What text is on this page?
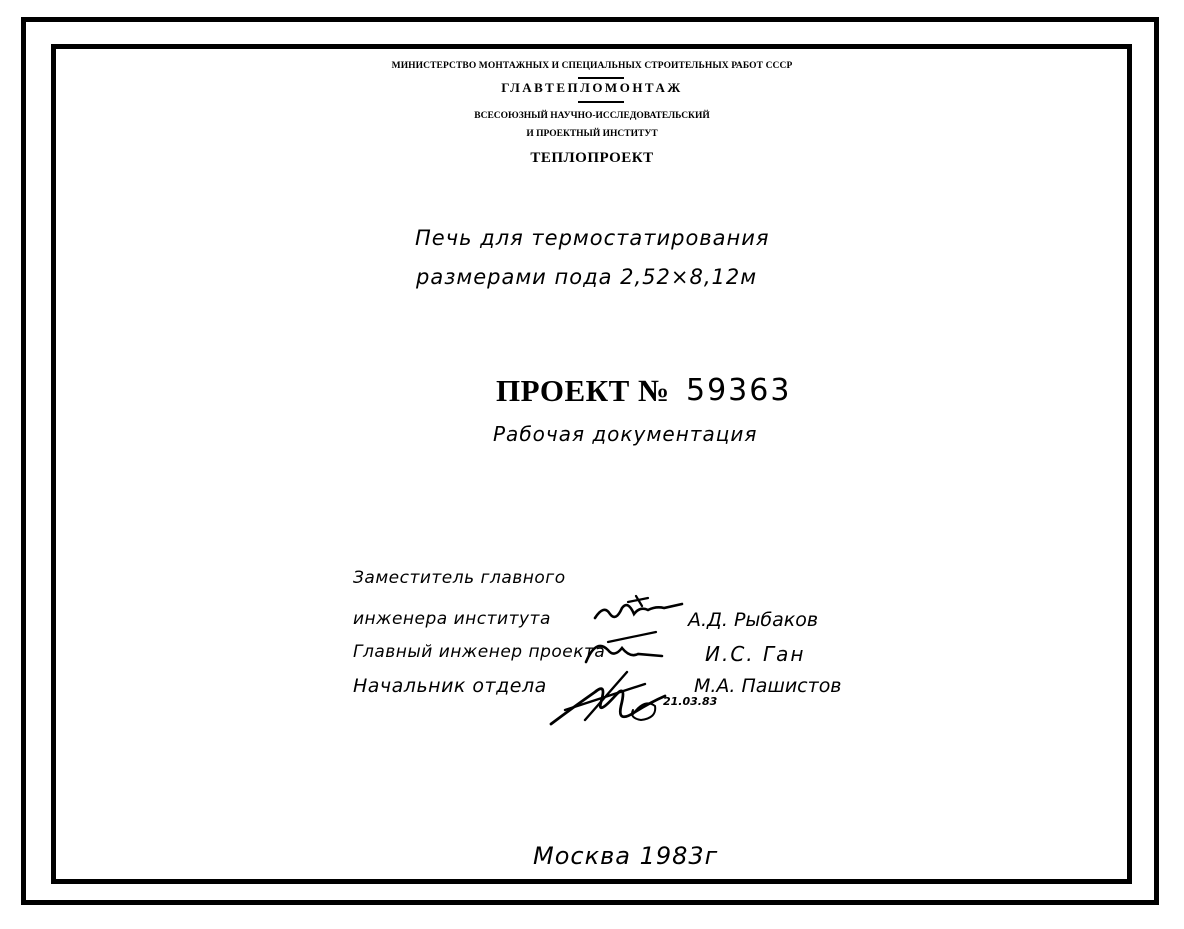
МИНИСТЕРСТВО МОНТАЖНЫХ И СПЕЦИАЛЬНЫХ СТРОИТЕЛЬНЫХ РАБОТ СССР
ГЛАВТЕПЛОМОНТАЖ
ВСЕСОЮЗНЫЙ НАУЧНО-ИССЛЕДОВАТЕЛЬСКИЙ
И ПРОЕКТНЫЙ ИНСТИТУТ
ТЕПЛОПРОЕКТ
Печь для термостатирования
размерами пода 2,52×8,12м
ПРОЕКТ № 59363
Рабочая документация
Заместитель главного
инженера института
Главный инженер проекта
Начальник отдела
А.Д. Рыбаков
И.С. Ган
М.А. Пашистов
21.03.83
Москва 1983г
